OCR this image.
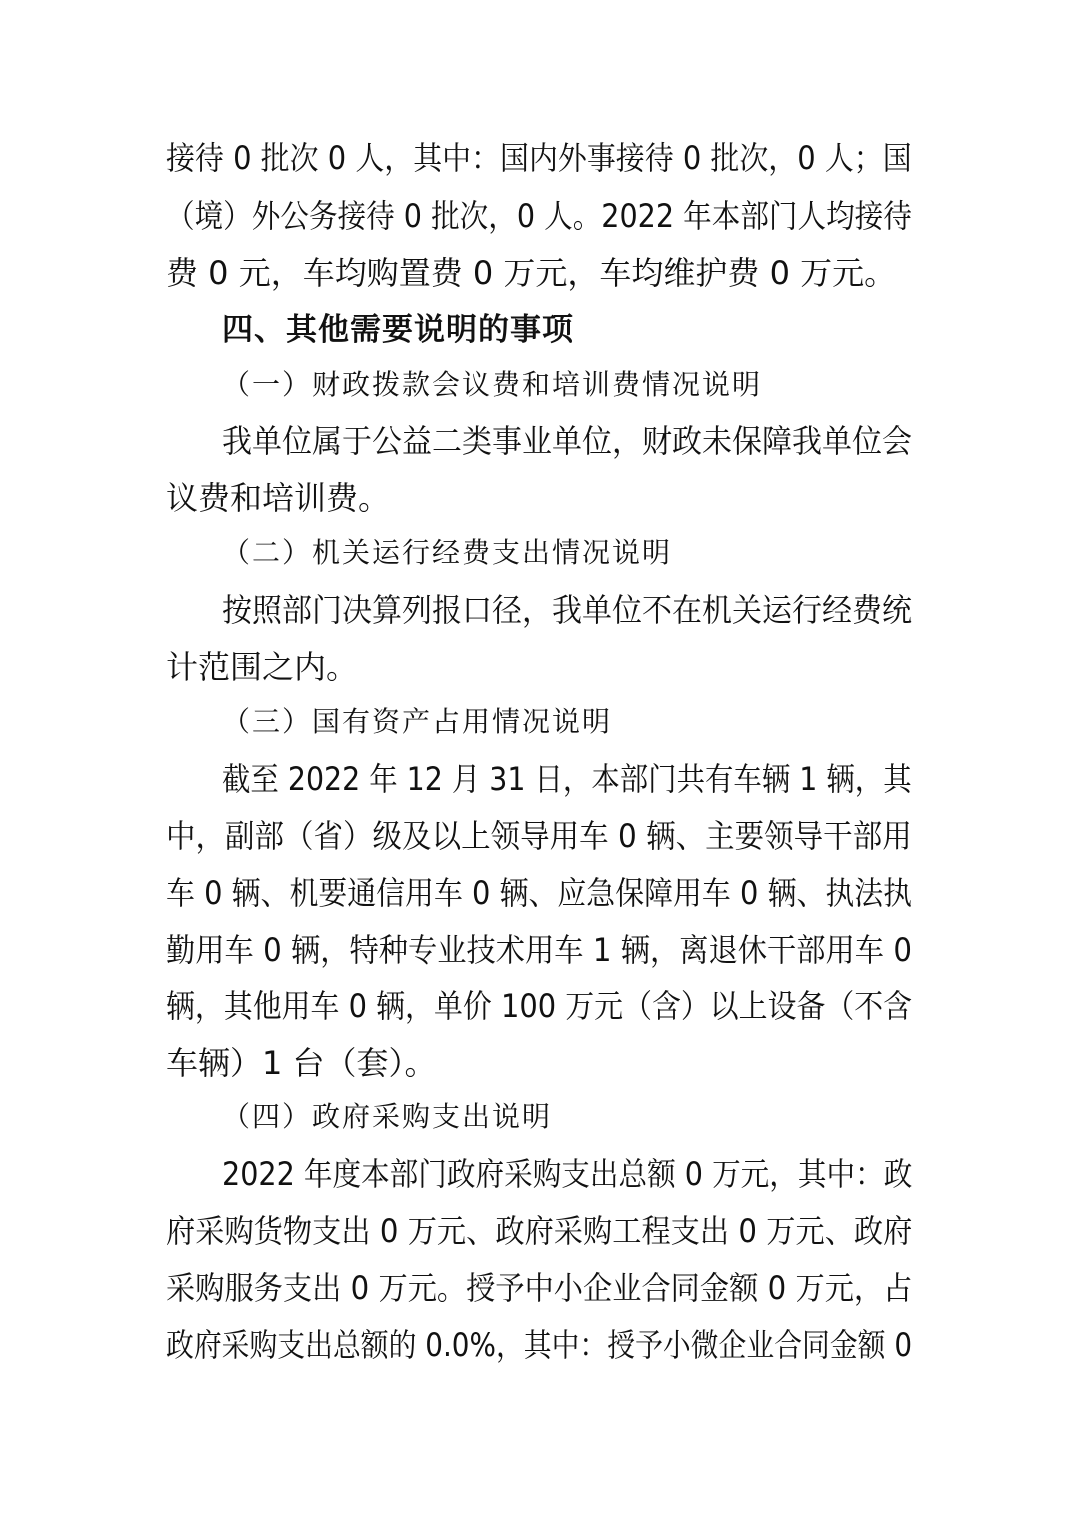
接待 0 批次 0 人，其中：国内外事接待 0 批次，0 人；国
（境）外公务接待 0 批次，0 人。2022 年本部门人均接待
费 0 元，车均购置费 0 万元，车均维护费 0 万元。
四、其他需要说明的事项
（一）财政拨款会议费和培训费情况说明
我单位属于公益二类事业单位，财政未保障我单位会
议费和培训费。
（二）机关运行经费支出情况说明
按照部门决算列报口径，我单位不在机关运行经费统
计范围之内。
（三）国有资产占用情况说明
截至 2022 年 12 月 31 日，本部门共有车辆 1 辆，其
中，副部（省）级及以上领导用车 0 辆、主要领导干部用
车 0 辆、机要通信用车 0 辆、应急保障用车 0 辆、执法执
勤用车 0 辆，特种专业技术用车 1 辆，离退休干部用车 0
辆，其他用车 0 辆，单价 100 万元（含）以上设备（不含
车辆）1 台（套）。
（四）政府采购支出说明
2022 年度本部门政府采购支出总额 0 万元，其中：政
府采购货物支出 0 万元、政府采购工程支出 0 万元、政府
采购服务支出 0 万元。授予中小企业合同金额 0 万元，占
政府采购支出总额的 0.0%，其中：授予小微企业合同金额 0
